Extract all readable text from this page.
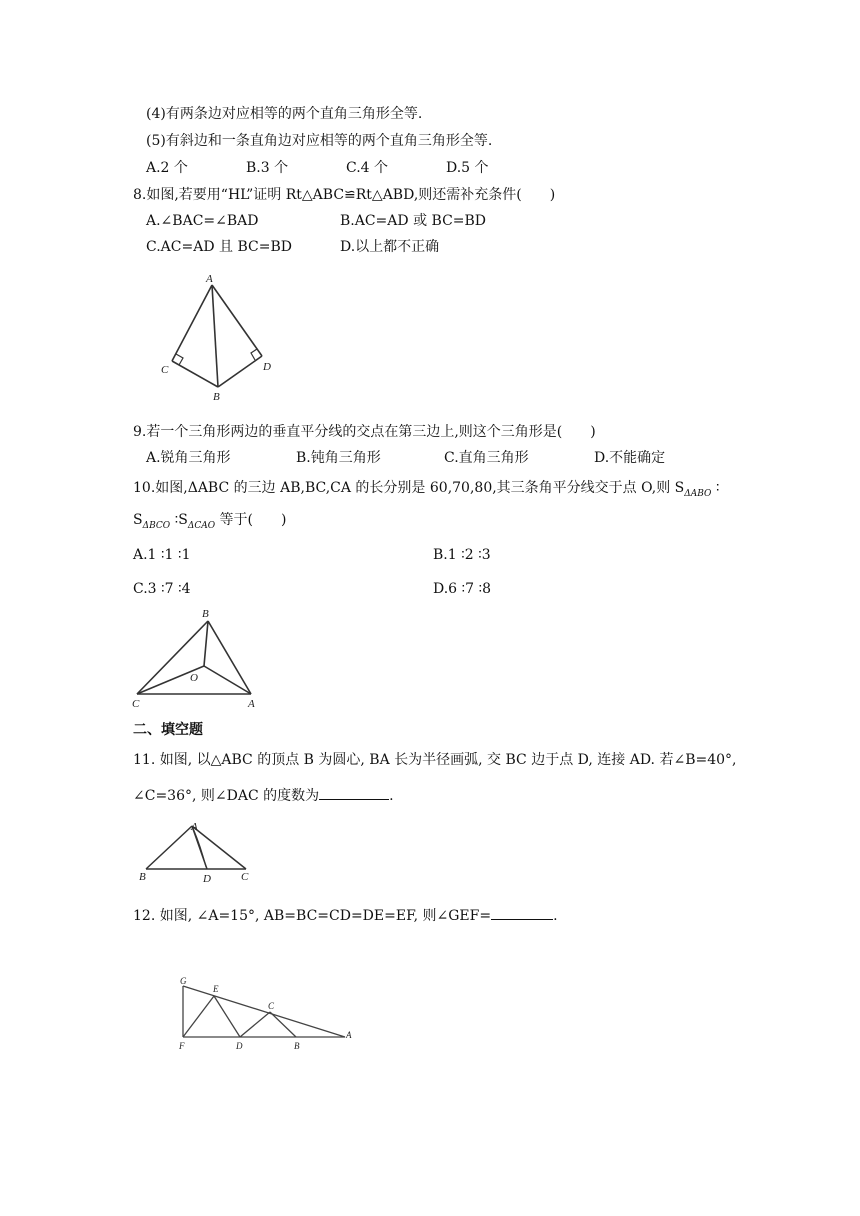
(4)有两条边对应相等的两个直角三角形全等.
(5)有斜边和一条直角边对应相等的两个直角三角形全等.
A.2 个	B.3 个	C.4 个	D.5 个
8.如图,若要用“HL”证明 Rt△ABC≌Rt△ABD,则还需补充条件(　　)
A.∠BAC=∠BAD	B.AC=AD 或 BC=BD
C.AC=AD 且 BC=BD	D.以上都不正确
A
B
C	D
9.若一个三角形两边的垂直平分线的交点在第三边上,则这个三角形是(　　)
A.锐角三角形	B.钝角三角形	C.直角三角形	D.不能确定
10.如图,ΔABC 的三边 AB,BC,CA 的长分别是 60,70,80,其三条角平分线交于点 O,则 $S_{\Delta ABO}$ ∶
$S_{\Delta BCO}$ $∶S_{\Delta CAO}$ 等于(　　)
A.1 ∶1 ∶1	B.1 ∶2 ∶3
C.3 ∶7 ∶4	D.6 ∶7 ∶8
B
O
C	A
二、填空题
11. 如图, 以△ABC 的顶点 B 为圆心, BA 长为半径画弧, 交 BC 边于点 D, 连接 AD. 若∠B=40°,
∠C=36°, 则∠DAC 的度数为	.
A
B	D	C
12. 如图, ∠A=15°, AB=BC=CD=DE=EF, 则∠GEF=	.
G
E
C
A
F	D	B
